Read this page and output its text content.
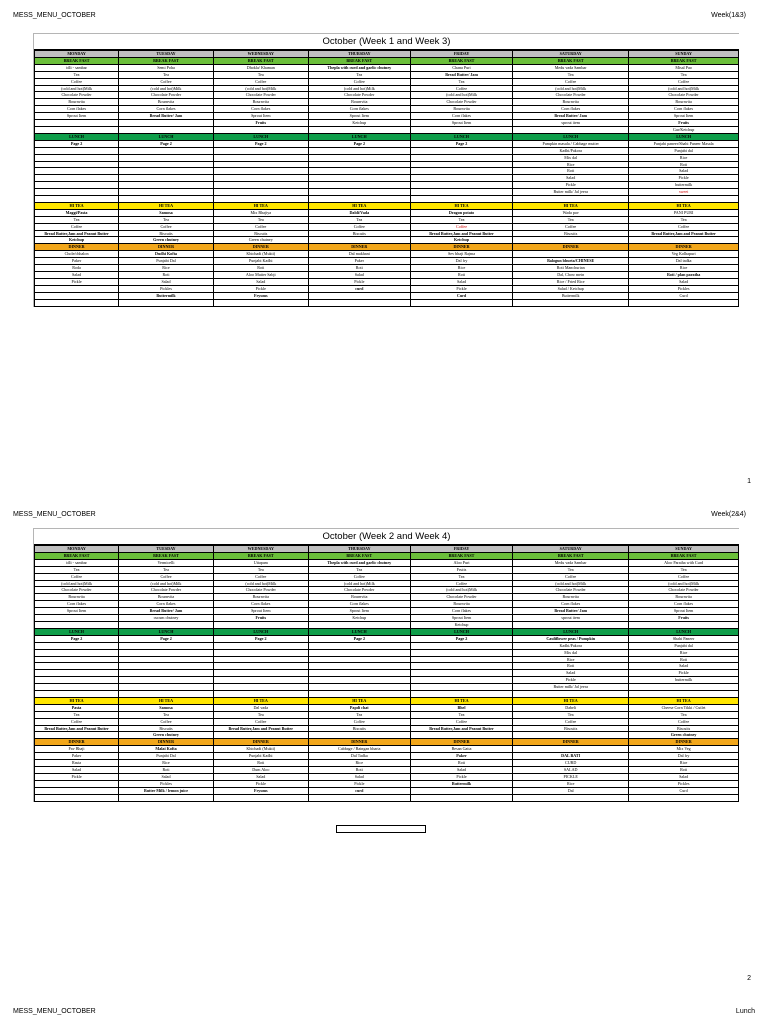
MESS_MENU_OCTOBER	Week(1&3)
October (Week 1 and Week 3)
MONDAY	TUESDAY	WEDNESDAY	THURSDAY	FRIDAY	SATURDAY	SUNDAY
BREAK FAST	BREAK FAST	BREAK FAST	BREAK FAST	BREAK FAST	BREAK FAST	BREAK FAST
idli - sambar	Semi Poha	Dhokla/ Khaman	Thepla with curd and garlic chutney	Chana Puri	Medu vada Sambar	Misal Pao
Tea	Tea	Tea	Tea	Bread Butter/ Jam	Tea	Tea
Coffee	Coffee	Coffee	Coffee	Tea	Coffee	Coffee
(cold and hot)Milk	(cold and hot)Milk	(cold and hot)Milk	(cold and hot)Milk	Coffee	(cold and hot)Milk	(cold and hot)Milk
Chocolate Powder	Chocolate Powder	Chocolate Powder	Chocolate Powder	(cold and hot)Milk	Chocolate Powder	Chocolate Powder
Bournvita	Bournvita	Bournvita	Bournvita	Chocolate Powder	Bournvita	Bournvita
Corn flakes	Corn flakes	Corn flakes	Corn flakes	Bournvita	Corn flakes	Corn flakes
Sprout Item	Bread Butter/ Jam	Sprout Item	Sprout Item	Corn flakes	Bread Butter/ Jam	Sprout Item
		Fruits	Ketchup	Sprout Item	sprout item	Fruits
						Gur/Ketchup
LUNCH	LUNCH	LUNCH	LUNCH	LUNCH	LUNCH	LUNCH
Page 2	Page 2	Page 2	Page 2	Page 2	Pumpkin masala / Cabbage mutter	Punjabi paneer/Shahi Paneer Masala
					Kadhi/Pakora	Punjabi dal
					Mix dal	Rice
					Rice	Roti
					Roti	Salad
					Salad	Pickle
					Pickle	buttermilk
					Butter milk/ Jal jeera	sweet

HI TEA	HI TEA	HI TEA	HI TEA	HI TEA	HI TEA	HI TEA
Maggi/Pasta	Samosa	Mix Bhajiya	Dabli/Vada	Dragon potato	Wada pav	PANI PURI
Tea	Tea	Tea	Tea	Tea	Tea	Tea
Coffee	Coffee	Coffee	Coffee	Coffee	Coffee	Coffee
Bread Butter,Jam and Peanut Butter	Biscuits	Biscuits	Biscuits	Bread Butter,Jam and Peanut Butter	Biscuits	Bread Butter,Jam and Peanut Butter
Ketchup	Green chutney	Green chutney		Ketchup		
DINNER	DINNER	DINNER	DINNER	DINNER	DINNER	DINNER
Chole/chhalon	Dudhi Kofta	Khichadi (Mukti)	Dal makhani	Sev bhaji Rajma		Veg Kolhapuri
Paker	Punjabi Dal	Punjabi Kadhi	Paker	Dal fry	Balogun bhurta/CHINESE	Dal tadka
Roda	Rice	Roti	Roti	Rice	Roti Manchurian	Rice
Salad	Roti	Aloo Mutter Sabji	Salad	Roti	Dal, Chow mein	Roti / plan paratha
Pickle	Salad	Salad	Pickle	Salad	Rice / Fried Rice	Salad
	Pickles	Pickle	curd	Pickle	Salad / Ketchup	Pickles
	Buttermilk	Fryums		Curd	Buttermilk	Curd

1
MESS_MENU_OCTOBER	Week(2&4)
October (Week 2 and Week 4)
MONDAY	TUESDAY	WEDNESDAY	THURSDAY	FRIDAY	SATURDAY	SUNDAY
BREAK FAST	BREAK FAST	BREAK FAST	BREAK FAST	BREAK FAST	BREAK FAST	BREAK FAST
idli - sambar	Vermicelli	Uttapam	Thepla with curd and garlic chutney	Aloo Puri	Medu vada Sambar	Aloo Paratha with Curd
Tea	Tea	Tea	Tea	Fruits	Tea	Tea
Coffee	Coffee	Coffee	Coffee	Tea	Coffee	Coffee
(cold and hot)Milk	(cold and hot)Milk	(cold and hot)Milk	(cold and hot)Milk	Coffee	(cold and hot)Milk	(cold and hot)Milk
Chocolate Powder	Chocolate Powder	Chocolate Powder	Chocolate Powder	(cold and hot)Milk	Chocolate Powder	Chocolate Powder
Bournvita	Bournvita	Bournvita	Bournvita	Chocolate Powder	Bournvita	Bournvita
Corn flakes	Corn flakes	Corn flakes	Corn flakes	Bournvita	Corn flakes	Corn flakes
Sprout Item	Bread Butter/ Jam	Sprout Item	Sprout Item	Corn flakes	Bread Butter/ Jam	Sprout Item
	cucum chutney	Fruits	Ketchup	Sprout Item	sprout item	Fruits
				Ketchup		
LUNCH	LUNCH	LUNCH	LUNCH	LUNCH	LUNCH	LUNCH
Page 2	Page 2	Page 2	Page 2	Page 2	Cauliflower peas / Pumpkin	Shahi Paneer
					Kadhi/Pakora	Punjabi dal
					Mix dal	Rice
					Rice	Roti
					Roti	Salad
					Salad	Pickle
					Pickle	buttermilk
					Butter milk/ Jal jeera	

HI TEA	HI TEA	HI TEA	HI TEA	HI TEA	HI TEA	HI TEA
Pasta	Samosa	Dal vada	Papdi chat	Bhel	Dabeli	Cheese Corn Tikki / Cutlet
Tea	Tea	Tea	Tea	Tea	Tea	Tea
Coffee	Coffee	Coffee	Coffee	Coffee	Coffee	Coffee
Bread Butter,Jam and Peanut Butter	Biscuits	Bread Butter,Jam and Peanut Butter	Biscuits	Bread Butter,Jam and Peanut Butter	Biscuits	Biscuits
	Green chutney					Green chutney
DINNER	DINNER	DINNER	DINNER	DINNER	DINNER	DINNER
Pav Bhaji	Malai Kofta	Khichadi (Mukti)	Cabbage / Baingan bharta	Besan Gatta		Mix Veg
Paker	Punjabi Dal	Punjabi Kadhi	Dal Tadka	Paker	DAL BATI	Dal fry
Rasta	Rice	Roti	Rice	Roti	CURD	Rice
Salad	Roti	Dum Aloo	Roti	Salad	SALAD	Roti
Pickle	Salad	Salad	Salad	Pickle	PICKLE	Salad
	Pickles	Pickle	Pickle	Buttermilk	Rice	Pickles
	Butter Milk / lemon juice	Fryums	curd		Dal	Curd

2
MESS_MENU_OCTOBER	Lunch
